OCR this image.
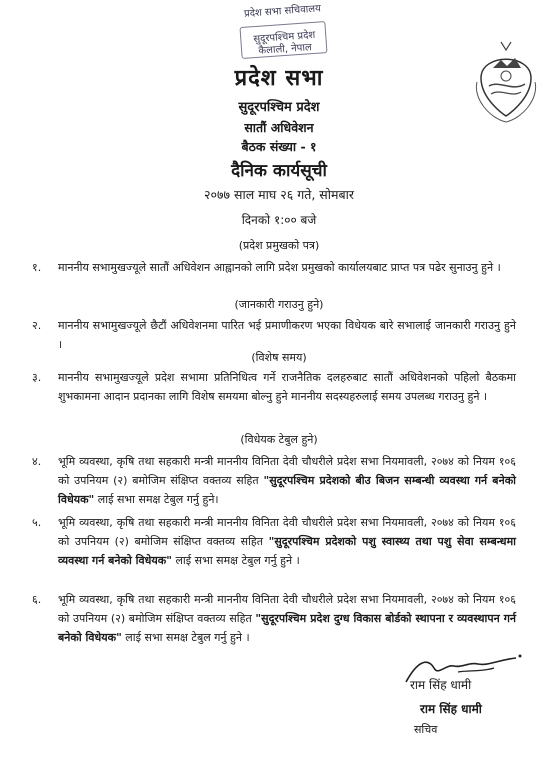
प्रदेश सभा सचिवालय
सुदूरपश्चिम प्रदेश
कैलाली, नेपाल
प्रदेश सभा
सुदूरपश्चिम प्रदेश
सातौं अधिवेशन
बैठक संख्या - १
दैनिक कार्यसूची
२०७७ साल माघ २६ गते, सोमबार
दिनको १:०० बजे
(प्रदेश प्रमुखको पत्र)
१.	माननीय सभामुखज्यूले सातौं अधिवेशन आह्वानको लागि प्रदेश प्रमुखको कार्यालयबाट प्राप्त पत्र पढेर सुनाउनु हुने ।
(जानकारी गराउनु हुने)
२.	माननीय सभामुखज्यूले छैटौं अधिवेशनमा पारित भई प्रमाणीकरण भएका विधेयक बारे सभालाई जानकारी गराउनु हुने ।
(विशेष समय)
३.	माननीय सभामुखज्यूले प्रदेश सभामा प्रतिनिधित्व गर्ने राजनैतिक दलहरुबाट सातौं अधिवेशनको पहिलो बैठकमा शुभकामना आदान प्रदानका लागि विशेष समयमा बोल्नु हुने माननीय सदस्यहरुलाई समय उपलब्ध गराउनु हुने ।
(विधेयक टेबुल हुने)
४.	भूमि व्यवस्था, कृषि तथा सहकारी मन्त्री माननीय विनिता देवी चौधरीले प्रदेश सभा नियमावली, २०७४ को नियम १०६ को उपनियम (२) बमोजिम संक्षिप्त वक्तव्य सहित "सुदूरपश्चिम प्रदेशको बीउ बिजन सम्बन्धी व्यवस्था गर्न बनेको विधेयक" लाई सभा समक्ष टेबुल गर्नु हुने।
५.	भूमि व्यवस्था, कृषि तथा सहकारी मन्त्री माननीय विनिता देवी चौधरीले प्रदेश सभा नियमावली, २०७४ को नियम १०६ को उपनियम (२) बमोजिम संक्षिप्त वक्तव्य सहित "सुदूरपश्चिम प्रदेशको पशु स्वास्थ्य तथा पशु सेवा सम्बन्धमा व्यवस्था गर्न बनेको विधेयक" लाई सभा समक्ष टेबुल गर्नु हुने ।
६.	भूमि व्यवस्था, कृषि तथा सहकारी मन्त्री माननीय विनिता देवी चौधरीले प्रदेश सभा नियमावली, २०७४ को नियम १०६ को उपनियम (२) बमोजिम संक्षिप्त वक्तव्य सहित "सुदूरपश्चिम प्रदेश दुग्ध विकास बोर्डको स्थापना र व्यवस्थापन गर्न बनेको विधेयक" लाई सभा समक्ष टेबुल गर्नु हुने ।
राम सिंह धामी
राम सिंह धामी
सचिव
